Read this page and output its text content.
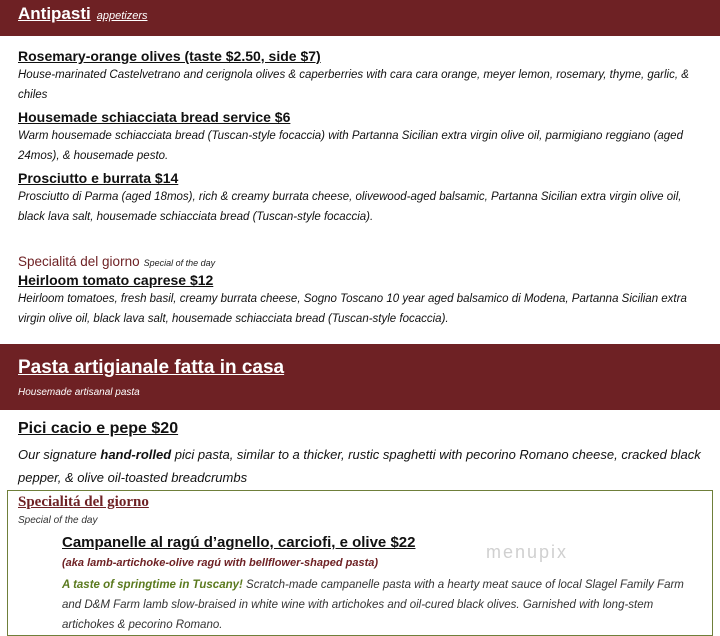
Antipasti appetizers
Rosemary-orange olives (taste $2.50, side $7)
House-marinated Castelvetrano and cerignola olives & caperberries with cara cara orange, meyer lemon, rosemary, thyme, garlic, & chiles
Housemade schiacciata bread service $6
Warm housemade schiacciata bread (Tuscan-style focaccia) with Partanna Sicilian extra virgin olive oil, parmigiano reggiano (aged 24mos), & housemade pesto.
Prosciutto e burrata $14
Prosciutto di Parma (aged 18mos), rich & creamy burrata cheese, olivewood-aged balsamic, Partanna Sicilian extra virgin olive oil, black lava salt, housemade schiacciata bread (Tuscan-style focaccia).
Specialitá del giorno Special of the day
Heirloom tomato caprese $12
Heirloom tomatoes, fresh basil, creamy burrata cheese, Sogno Toscano 10 year aged balsamico di Modena, Partanna Sicilian extra virgin olive oil, black lava salt, housemade schiacciata bread (Tuscan-style focaccia).
Pasta artigianale fatta in casa
Housemade artisanal pasta
Pici cacio e pepe $20
Our signature hand-rolled pici pasta, similar to a thicker, rustic spaghetti with pecorino Romano cheese, cracked black pepper, & olive oil-toasted breadcrumbs
Specialitá del giorno
Special of the day
Campanelle al ragú d’agnello, carciofi, e olive $22
(aka lamb-artichoke-olive ragú with bellflower-shaped pasta)
A taste of springtime in Tuscany! Scratch-made campanelle pasta with a hearty meat sauce of local Slagel Family Farm and D&M Farm lamb slow-braised in white wine with artichokes and oil-cured black olives. Garnished with long-stem artichokes & pecorino Romano.
menupix
